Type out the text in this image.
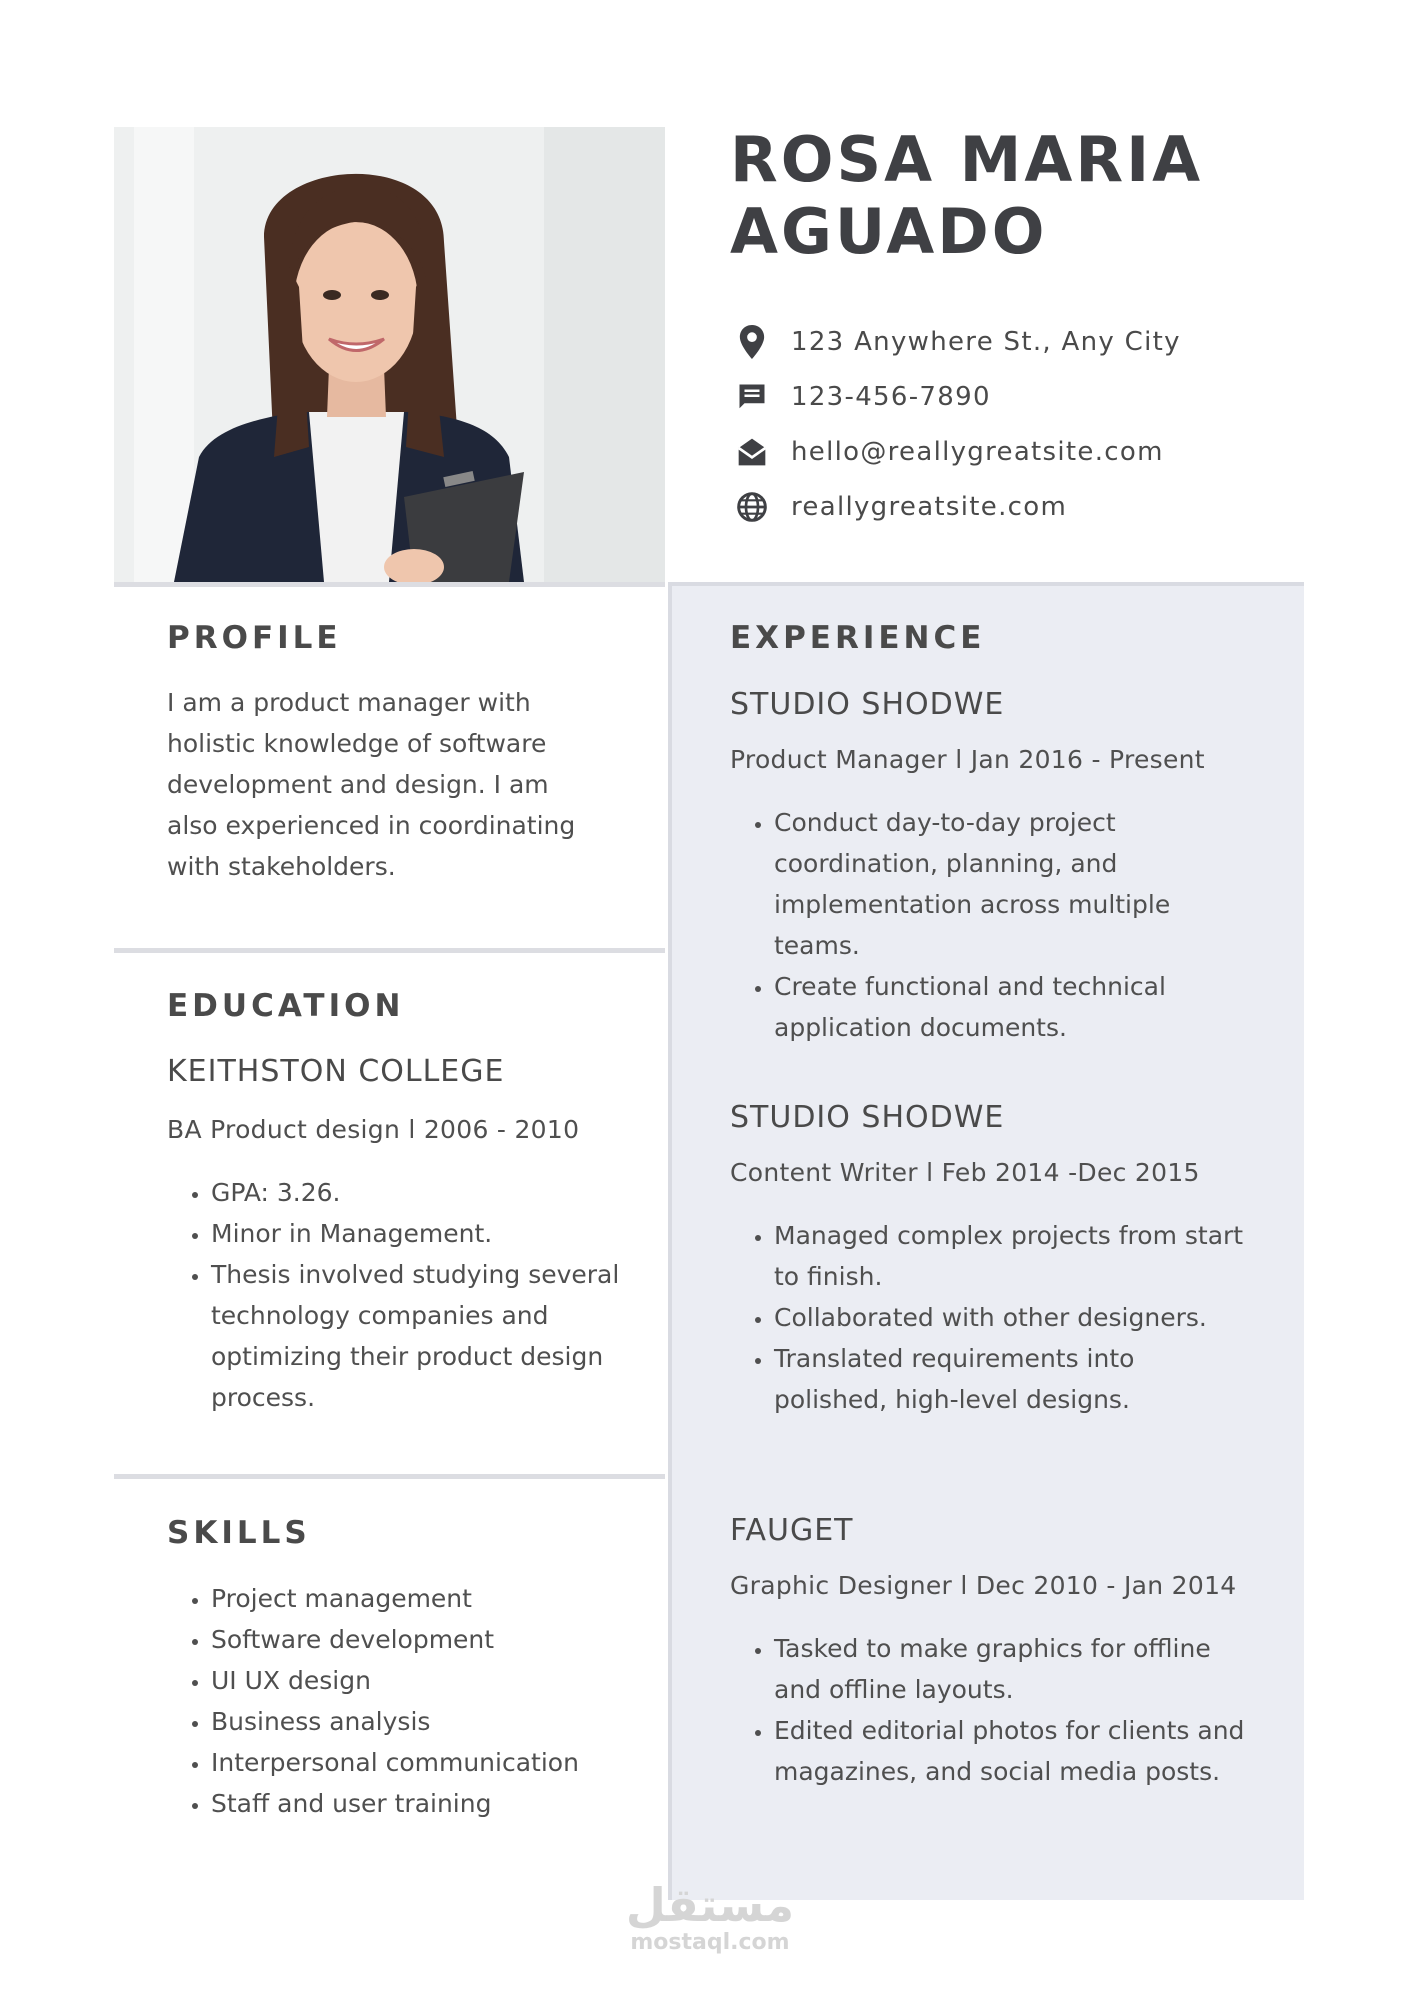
ROSA MARIA
AGUADO
123 Anywhere St., Any City
123-456-7890
hello@reallygreatsite.com
reallygreatsite.com
PROFILE
I am a product manager with
holistic knowledge of software
development and design. I am
also experienced in coordinating
with stakeholders.
EDUCATION
KEITHSTON COLLEGE
BA Product design l 2006 - 2010
• GPA: 3.26.
• Minor in Management.
• Thesis involved studying several technology companies and optimizing their product design process.
SKILLS
• Project management
• Software development
• UI UX design
• Business analysis
• Interpersonal communication
• Staff and user training
EXPERIENCE
STUDIO SHODWE
Product Manager l Jan 2016 - Present
• Conduct day-to-day project coordination, planning, and implementation across multiple teams.
• Create functional and technical application documents.
STUDIO SHODWE
Content Writer l Feb 2014 -Dec 2015
• Managed complex projects from start to finish.
• Collaborated with other designers.
• Translated requirements into polished, high-level designs.
FAUGET
Graphic Designer l Dec 2010 - Jan 2014
• Tasked to make graphics for offline and offline layouts.
• Edited editorial photos for clients and magazines, and social media posts.
مستقل
mostaql.com
